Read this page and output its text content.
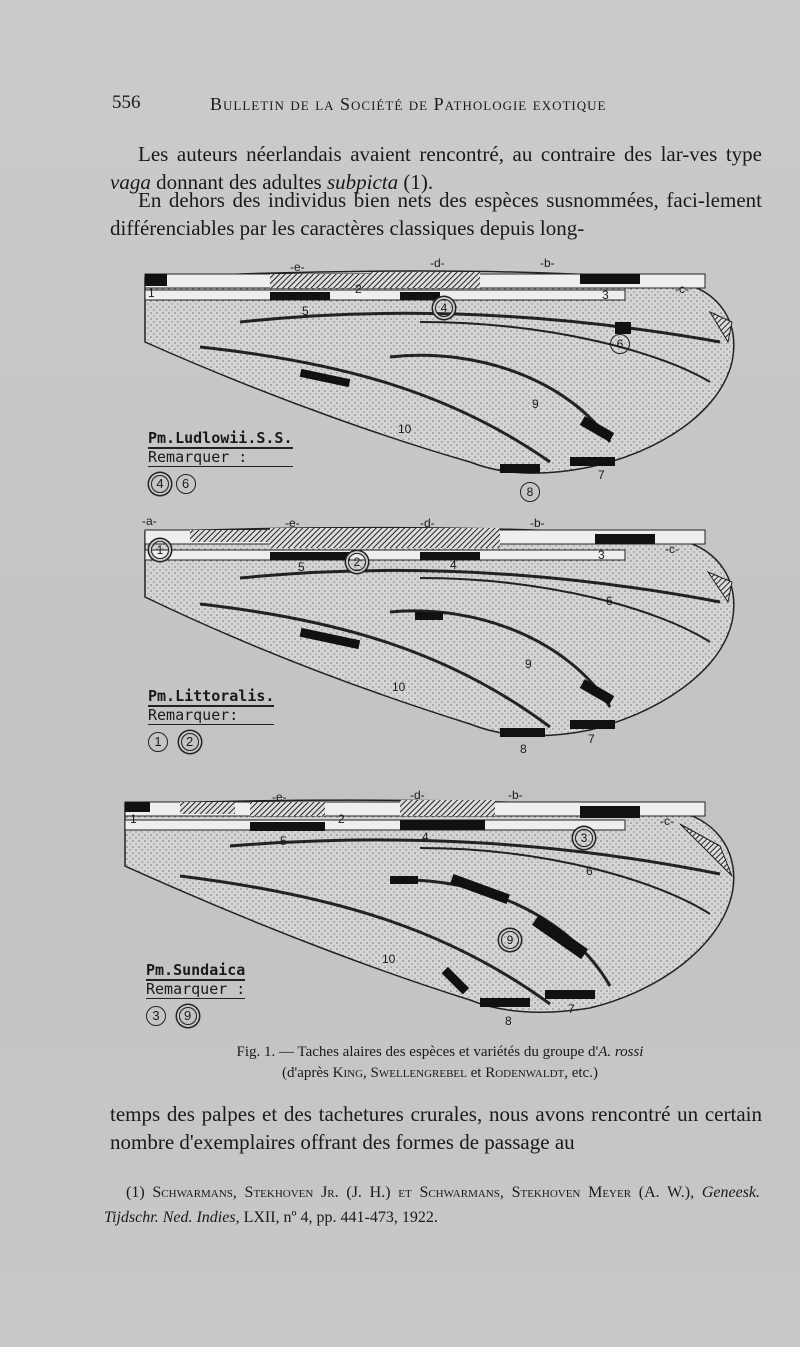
556	Bulletin de la Société de Pathologie exotique
Les auteurs néerlandais avaient rencontré, au contraire des lar-ves type vaga donnant des adultes subpicta (1).
En dehors des individus bien nets des espèces susnommées, faci-lement différenciables par les caractères classiques depuis long-
-e-	-d-	-b-
-c-
1	2	3
4
5
6
7
8
9
10
Pm.Ludlowii.S.S.
Remarquer :
4 6
-a-	-e-	-d-	-b-
-c-
1
2	3
4
5
6
7
8
9
10
Pm.Littoralis.
Remarquer:
1 2
-e-	-d-	-b-
-c-
1	2
3
4
5
6
7
8
9
10
Pm.Sundaica
Remarquer :
3 9
Fig. 1. — Taches alaires des espèces et variétés du groupe d'A. rossi
(d'après King, Swellengrebel et Rodenwaldt, etc.)
temps des palpes et des tachetures crurales, nous avons rencontré un certain nombre d'exemplaires offrant des formes de passage au
(1) Schwarmans, Stekhoven Jr. (J. H.) et Schwarmans, Stekhoven Meyer (A. W.), Geneesk. Tijdschr. Ned. Indies, LXII, nº 4, pp. 441-473, 1922.
